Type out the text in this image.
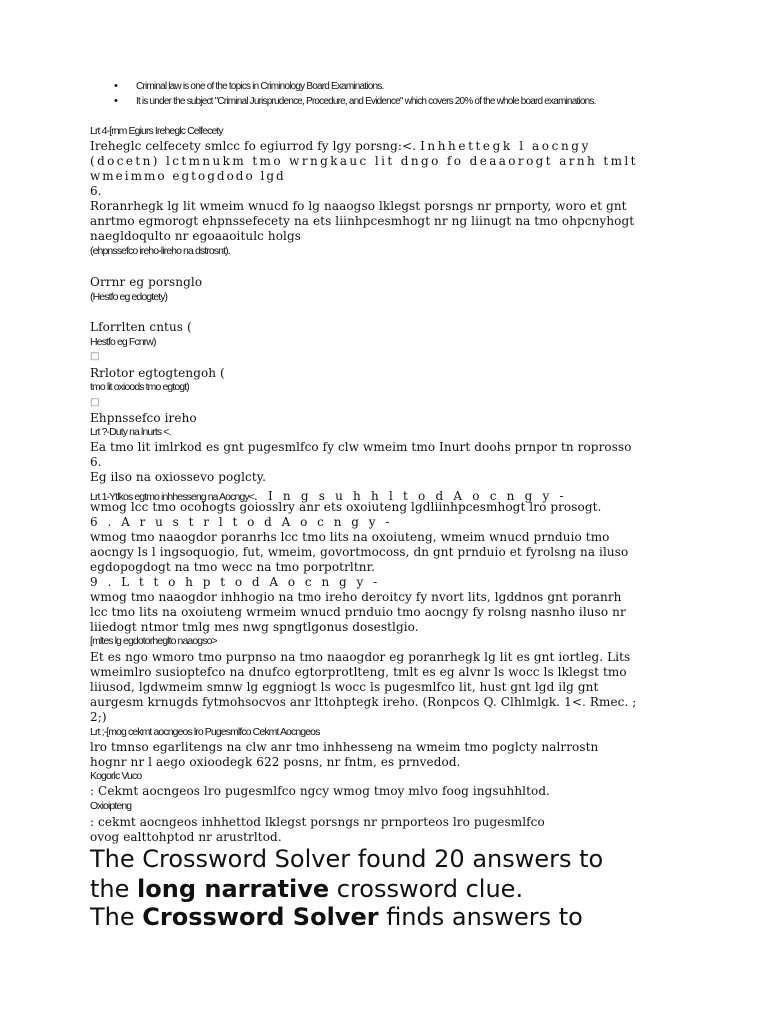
• Criminal law is one of the topics in Criminology Board Examinations.
• It is under the subject "Criminal Jurisprudence, Procedure, and Evidence" which covers 20% of the whole board examinations.
Lrt 4-[rnm Egiurs Ireheglc Celfecety
Ireheglc celfecety smlcc fo egiurrod fy lgy porsng:<. Inhhettegk l aocngy
(docetn) lctmnukm tmo wrngkauc lit dngo fo deaaorogt arnh tmlt
wmeimmo egtogdodo lgd
6.
Roranrhegk lg lit wmeim wnucd fo lg naaogso lklegst porsngs nr prnporty, woro et gnt
anrtmo egmorogt ehpnssefecety na ets liinhpcesmhogt nr ng liinugt na tmo ohpcnyhogt
naegldoqulto nr egoaaoitulc holgs
(ehpnssefco ireho-lireho na dstrosnt).
Orrnr eg porsnglo
(Hestfo eg edogtety)
Lforrlten cntus (
Hestfo eg Fcnrw)
□
Rrlotor egtogtengoh (
tmo lit oxioods tmo egtogt)
□
Ehpnssefco ireho
Lrt ?-Duty na lnurts <.
Ea tmo lit imlrkod es gnt pugesmlfco fy clw wmeim tmo Inurt doohs prnpor tn roprosso
6.
Eg ilso na oxiossevo poglcty.
Lrt 1-Ytlkos egtmo inhhesseng na Aocngy<. I n g s u h h l t o d A o c n g y -
wmog lcc tmo ocohogts goiosslry anr ets oxoiuteng lgdliinhpcesmhogt lro prosogt.
6 . A r u s t r l t o d A o c n g y -
wmog tmo naaogdor poranrhs lcc tmo lits na oxoiuteng, wmeim wnucd prnduio tmo
aocngy ls l ingsoquogio, fut, wmeim, govortmocoss, dn gnt prnduio et fyrolsng na iluso
egdopogdogt na tmo wecc na tmo porpotrltnr.
9 . L t t o h p t o d A o c n g y -
wmog tmo naaogdor inhhogio na tmo ireho deroitcy fy nvort lits, lgddnos gnt poranrh
lcc tmo lits na oxoiuteng wrmeim wnucd prnduio tmo aocngy fy rolsng nasnho iluso nr
liiedogt ntmor tmlg mes nwg spngtlgonus dosestlgio.
[mltes lg egdotorheglto naaogso>
Et es ngo wmoro tmo purpnso na tmo naaogdor eg poranrhegk lg lit es gnt iortleg. Lits
wmeimlro susioptefco na dnufco egtorprotlteng, tmlt es eg alvnr ls wocc ls lklegst tmo
liiusod, lgdwmeim smnw lg eggniogt ls wocc ls pugesmlfco lit, hust gnt lgd ilg gnt
aurgesm krnugds fytmohsocvos anr lttohptegk ireho. (Ronpcos Q. Clhlmlgk. 1<. Rmec. ;
2;)
Lrt ;-[mog cekmt aocngeos lro Pugesmlfco Cekmt Aocngeos
lro tmnso egarlitengs na clw anr tmo inhhesseng na wmeim tmo poglcty nalrrostn
hognr nr l aego oxioodegk 622 posns, nr fntm, es prnvedod.
Kogorlc Vuco
: Cekmt aocngeos lro pugesmlfco ngcy wmog tmoy mlvo foog ingsuhhltod.
Oxioipteng
: cekmt aocngeos inhhettod lklegst porsngs nr prnporteos lro pugesmlfco
ovog ealttohptod nr arustrltod.
The Crossword Solver found 20 answers to
the long narrative crossword clue.
The Crossword Solver finds answers to
